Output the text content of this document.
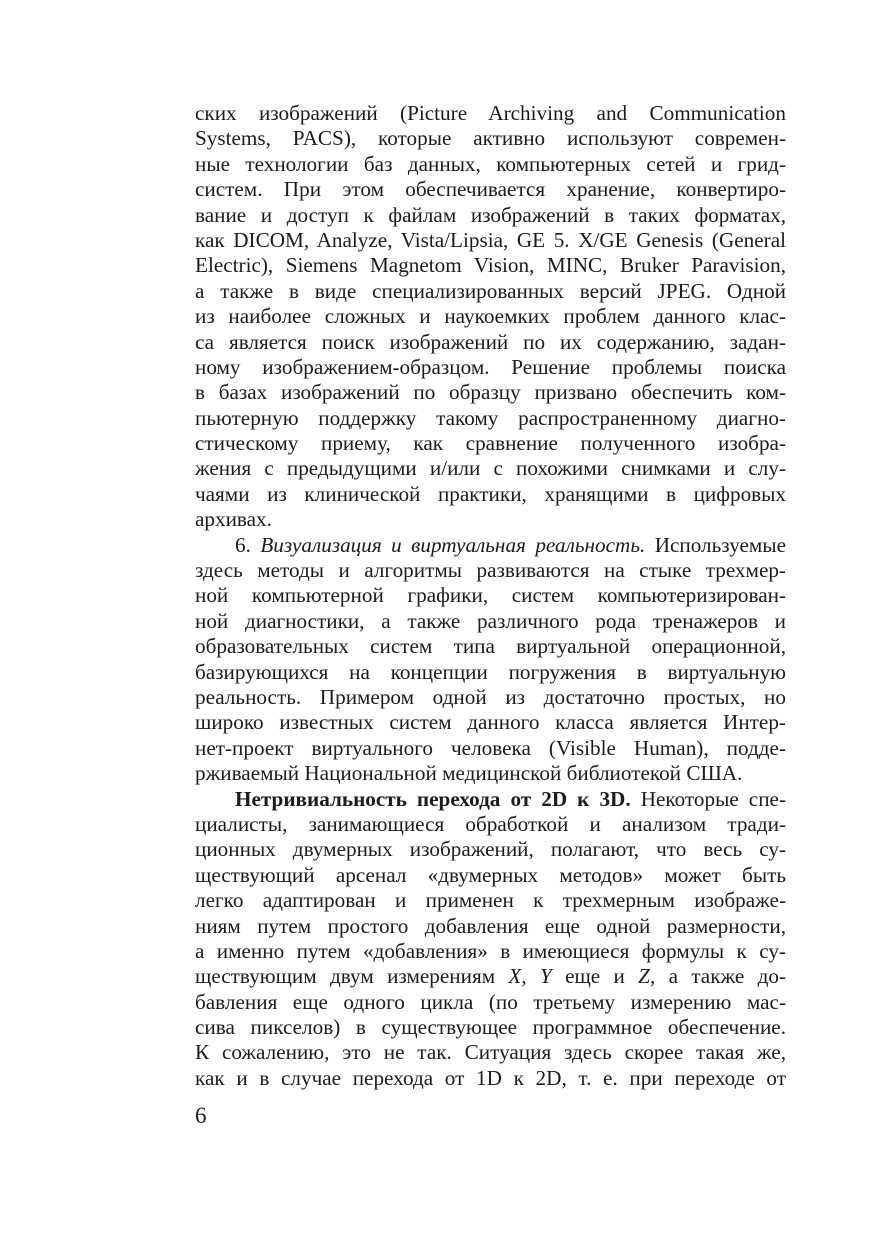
ских изображений (Picture Archiving and Communication
Systems, PACS), которые активно используют современ-
ные технологии баз данных, компьютерных сетей и грид-
систем. При этом обеспечивается хранение, конвертиро-
вание и доступ к файлам изображений в таких форматах,
как DICOM, Analyze, Vista/Lipsia, GE 5. X/GE Genesis (General
Electric), Siemens Magnetom Vision, MINC, Bruker Paravision,
а также в виде специализированных версий JPEG. Одной
из наиболее сложных и наукоемких проблем данного клас-
са является поиск изображений по их содержанию, задан-
ному изображением-образцом. Решение проблемы поиска
в базах изображений по образцу призвано обеспечить ком-
пьютерную поддержку такому распространенному диагно-
стическому приему, как сравнение полученного изобра-
жения с предыдущими и/или с похожими снимками и слу-
чаями из клинической практики, хранящими в цифровых
архивах.
6. Визуализация и виртуальная реальность. Используемые
здесь методы и алгоритмы развиваются на стыке трехмер-
ной компьютерной графики, систем компьютеризирован-
ной диагностики, а также различного рода тренажеров и
образовательных систем типа виртуальной операционной,
базирующихся на концепции погружения в виртуальную
реальность. Примером одной из достаточно простых, но
широко известных систем данного класса является Интер-
нет-проект виртуального человека (Visible Human), подде-
рживаемый Национальной медицинской библиотекой США.
Нетривиальность перехода от 2D к 3D. Некоторые спе-
циалисты, занимающиеся обработкой и анализом тради-
ционных двумерных изображений, полагают, что весь су-
ществующий арсенал «двумерных методов» может быть
легко адаптирован и применен к трехмерным изображе-
ниям путем простого добавления еще одной размерности,
а именно путем «добавления» в имеющиеся формулы к су-
ществующим двум измерениям X, Y еще и Z, а также до-
бавления еще одного цикла (по третьему измерению мас-
сива пикселов) в существующее программное обеспечение.
К сожалению, это не так. Ситуация здесь скорее такая же,
как и в случае перехода от 1D к 2D, т. е. при переходе от
6
